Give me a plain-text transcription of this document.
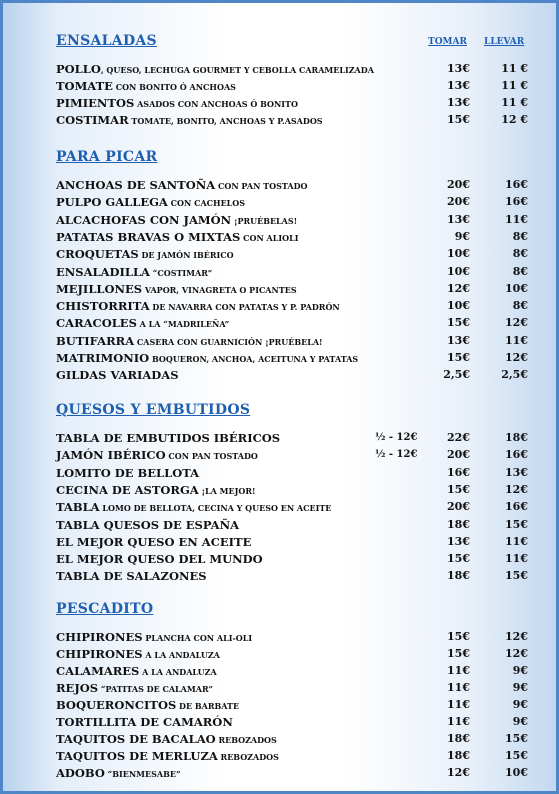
ENSALADAS	TOMAR LLEVAR
POLLO, QUESO, LECHUGA GOURMET Y CEBOLLA CARAMELIZADA	13€	11 €
TOMATE CON BONITO Ó ANCHOAS	13€	11 €
PIMIENTOS ASADOS CON ANCHOAS Ó BONITO	13€	11 €
COSTIMAR TOMATE, BONITO, ANCHOAS Y P.ASADOS	15€	12 €
PARA PICAR
ANCHOAS DE SANTOÑA CON PAN TOSTADO	20€	16€
PULPO GALLEGA CON CACHELOS	20€	16€
ALCACHOFAS CON JAMÓN ¡PRUÉBELAS!	13€	11€
PATATAS BRAVAS O MIXTAS CON ALIOLI	9€	8€
CROQUETAS DE JAMÓN IBÉRICO	10€	8€
ENSALADILLA “COSTIMAR”	10€	8€
MEJILLONES VAPOR, VINAGRETA O PICANTES	12€	10€
CHISTORRITA DE NAVARRA CON PATATAS Y P. PADRÓN	10€	8€
CARACOLES A LA “MADRILEÑA”	15€	12€
BUTIFARRA CASERA CON GUARNICIÓN ¡PRUÉBELA!	13€	11€
MATRIMONIO BOQUERON, ANCHOA, ACEITUNA Y PATATAS	15€	12€
GILDAS VARIADAS	2,5€	2,5€
QUESOS Y EMBUTIDOS
TABLA DE EMBUTIDOS IBÉRICOS	½ - 12€	22€	18€
JAMÓN IBÉRICO CON PAN TOSTADO	½ - 12€	20€	16€
LOMITO DE BELLOTA	16€	13€
CECINA DE ASTORGA ¡LA MEJOR!	15€	12€
TABLA LOMO DE BELLOTA, CECINA Y QUESO EN ACEITE	20€	16€
TABLA QUESOS DE ESPAÑA	18€	15€
EL MEJOR QUESO EN ACEITE	13€	11€
EL MEJOR QUESO DEL MUNDO	15€	11€
TABLA DE SALAZONES	18€	15€
PESCADITO
CHIPIRONES PLANCHA CON ALI-OLI	15€	12€
CHIPIRONES A LA ANDALUZA	15€	12€
CALAMARES A LA ANDALUZA	11€	9€
REJOS “PATITAS DE CALAMAR”	11€	9€
BOQUERONCITOS DE BARBATE	11€	9€
TORTILLITA DE CAMARÓN	11€	9€
TAQUITOS DE BACALAO REBOZADOS	18€	15€
TAQUITOS DE MERLUZA REBOZADOS	18€	15€
ADOBO “BIENMESABE”	12€	10€
